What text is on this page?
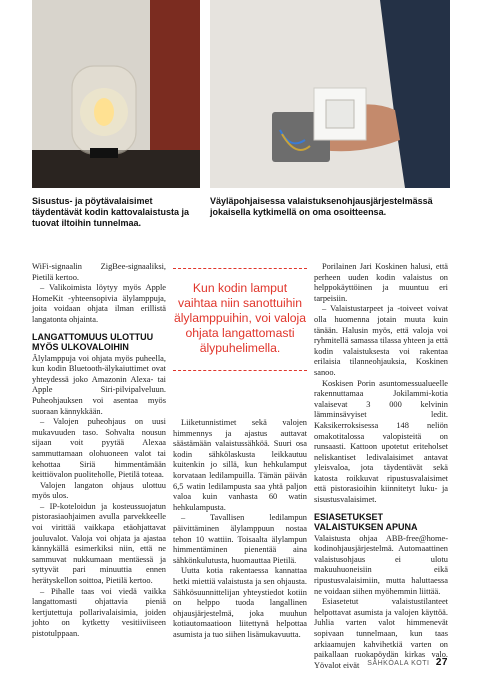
Sisustus- ja pöytävalaisimet täydentävät kodin kattovalaistusta ja tuovat iltoihin tunnelmaa.
Väyläpohjaisessa valaistuksenohjausjärjestelmässä jokaisella kytkimellä on oma osoitteensa.

WiFi-signaalin ZigBee-signaaliksi, Pietilä kertoo.

– Valikoimista löytyy myös Apple HomeKit -yhteensopivia älylamppuja, joita voidaan ohjata ilman erillistä langatonta ohjainta.

LANGATTOMUUS ULOTTUU MYÖS ULKOVALOIHIN

Älylamppuja voi ohjata myös puheella, kun kodin Bluetooth-älykaiuttimet ovat yhteydessä joko Amazonin Alexa- tai Apple Siri-pilvipalveluun. Puheohjauksen voi asentaa myös suoraan kännykkään.

– Valojen puheohjaus on uusi mukavuuden taso. Sohvalta nousun sijaan voit pyytää Alexaa sammuttamaan olohuoneen valot tai kehottaa Siriä himmentämään keittiövalon puoliteholle, Pietilä toteaa.

Valojen langaton ohjaus ulottuu myös ulos.

– IP-koteloidun ja kosteussuojatun pistorasiaohjaimen avulla parvekkeelle voi virittää vaikkapa etäohjattavat jouluvalot. Valoja voi ohjata ja ajastaa kännykällä esimerkiksi niin, että ne sammuvat nukkumaan mentäessä ja syttyvät pari minuuttia ennen herätyskellon soittoa, Pietilä kertoo.

– Pihalle taas voi viedä vaikka langattomasti ohjattavia pieniä kertjutettuja pollarivalaisimia, joiden johto on kytketty vesitiiviiseen pistotulppaan.

Kun kodin lamput vaihtaa niin sanottuihin älylamppuihin, voi valoja ohjata langattomasti älypuhelimella.

Liiketunnistimet sekä valojen himmennys ja ajastus auttavat säästämään valaistussähköä. Suuri osa kodin sähkölaskusta leikkautuu kuitenkin jo sillä, kun hehkulamput korvataan ledilampuilla. Tämän päivän 6,5 watin ledilampusta saa yhtä paljon valoa kuin vanhasta 60 watin hehkulampusta.

– Tavallisen ledilampun päivittäminen älylamppuun nostaa tehon 10 wattiin. Toisaalta älylampun himmentäminen pienentää aina sähkönkulutusta, huomauttaa Pietilä.

Uutta kotia rakentaessa kannattaa hetki miettiä valaistusta ja sen ohjausta. Sähkösuunnittelijan yhteystiedot kotiin on helppo tuoda langallinen ohjausjärjestelmä, joka muuhun kotiautomaatioon liitettynä helpottaa asumista ja tuo siihen lisämukavuutta.

Porilainen Jari Koskinen halusi, että perheen uuden kodin valaistus on helppokäyttöinen ja muuntuu eri tarpeisiin.

– Valaistustarpeet ja -toiveet voivat olla huomenna jotain muuta kuin tänään. Halusin myös, että valoja voi ryhmitellä samassa tilassa yhteen ja että kodin valaistuksesta voi rakentaa erilaisia tilanneohjauksia, Koskinen sanoo.

Koskisen Porin asuntomessualueelle rakennuttamaa Jokilammi-kotia valaisevat 3 000 kelvinin lämminsävyiset ledit. Kaksikerroksisessa 148 neliön omakotitalossa valopisteitä on runsaasti. Kattoon upotetut eriteholset neliskantiset ledivalaisimet antavat yleisvaloa, jota täydentävät sekä katosta roikkuvat ripustusvalaisimet että pistorasioihin kiinnitetyt luku- ja sisustusvalaisimet.

ESIASETUKSET VALAISTUKSEN APUNA

Valaistusta ohjaa ABB-free@home-kodinohjausjärjestelmä. Automaattinen valaistusohjaus ei ulotu makuuhuoneisiin eikä ripustusvalaisimiin, mutta haluttaessa ne voidaan siihen myöhemmin liittää.

Esiasetetut valaistustilanteet helpottavat asumista ja valojen käyttöä. Juhlia varten valot himmenevät sopivaan tunnelmaan, kun taas arkiaamujen kahvihetkiä varten on paikallaan ruokapöydän kirkas valo. Yövalot eivät	SÄHKÖALA KOTI 27
